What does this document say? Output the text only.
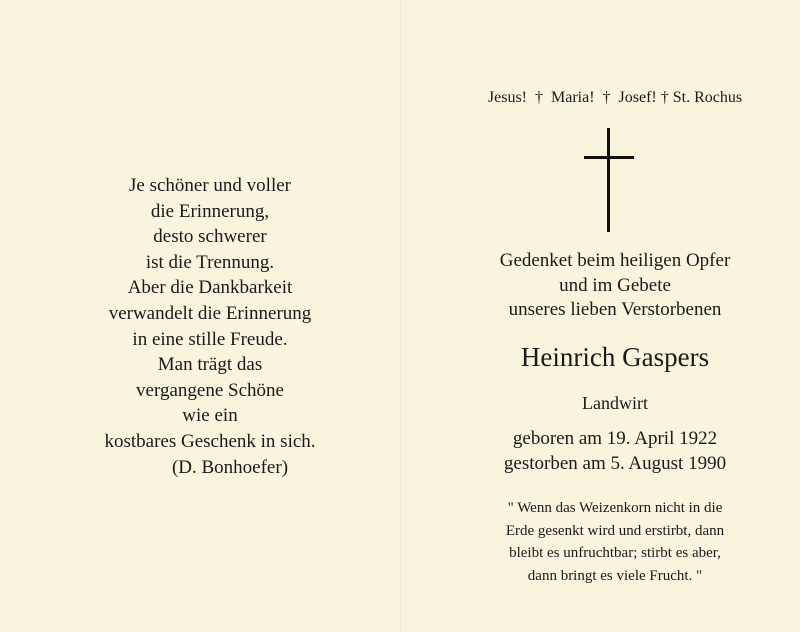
Je schöner und voller
die Erinnerung,
desto schwerer
ist die Trennung.
Aber die Dankbarkeit
verwandelt die Erinnerung
in eine stille Freude.
Man trägt das
vergangene Schöne
wie ein
kostbares Geschenk in sich.
(D. Bonhoefer)
Jesus! † Maria! † Josef! † St. Rochus
Gedenket beim heiligen Opfer
und im Gebete
unseres lieben Verstorbenen
Heinrich Gaspers
Landwirt
geboren am 19. April 1922
gestorben am 5. August 1990
" Wenn das Weizenkorn nicht in die
Erde gesenkt wird und erstirbt, dann
bleibt es unfruchtbar; stirbt es aber,
dann bringt es viele Frucht. "
